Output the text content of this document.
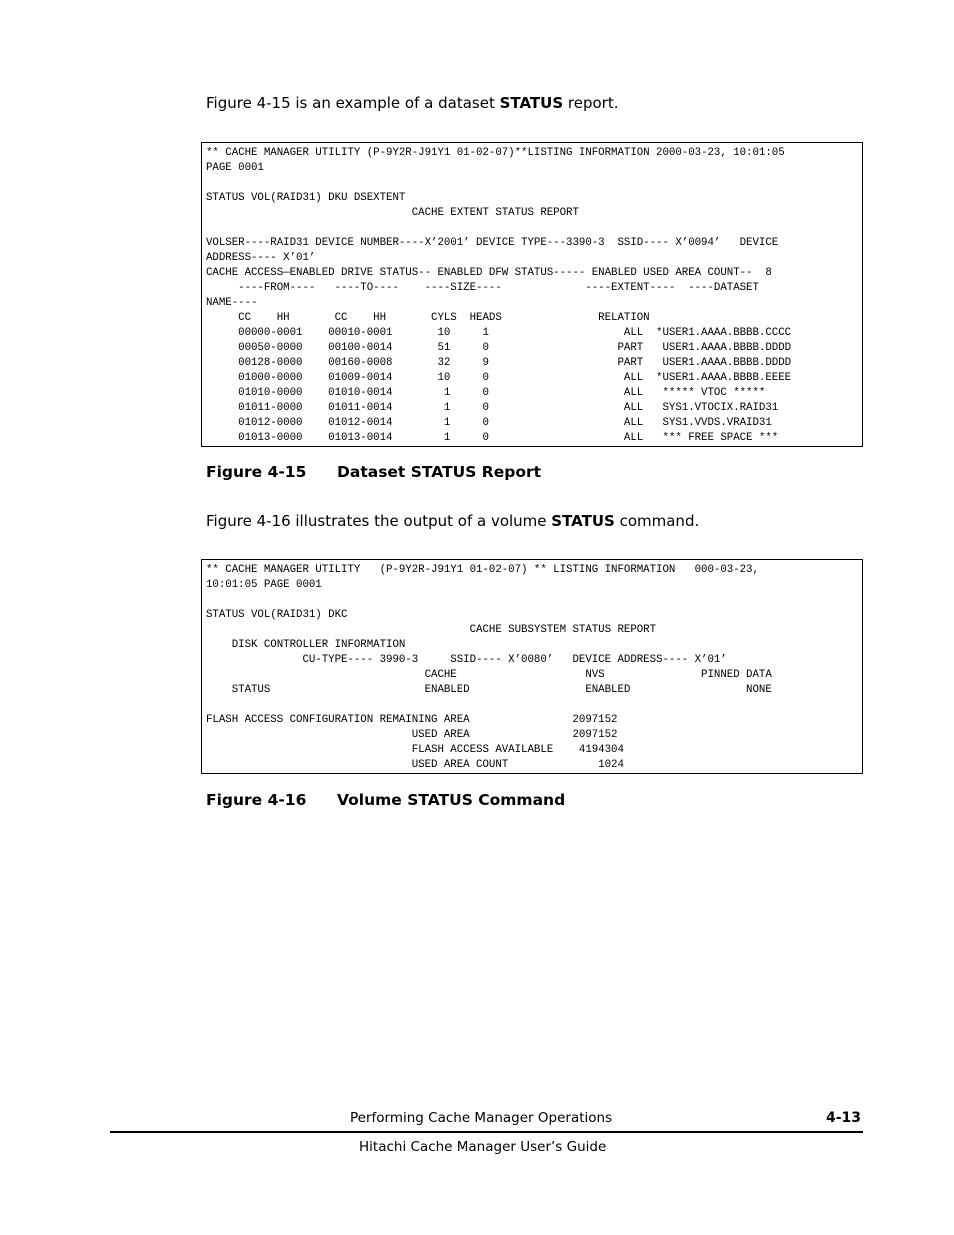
Figure 4-15 is an example of a dataset STATUS report.

** CACHE MANAGER UTILITY (P-9Y2R-J91Y1 01-02-07)**LISTING INFORMATION 2000-03-23, 10:01:05
PAGE 0001

STATUS VOL(RAID31) DKU DSEXTENT
CACHE EXTENT STATUS REPORT

VOLSER----RAID31 DEVICE NUMBER----X’2001’ DEVICE TYPE---3390-3  SSID---- X’0094’   DEVICE
ADDRESS---- X’01’
CACHE ACCESS—ENABLED DRIVE STATUS-- ENABLED DFW STATUS----- ENABLED USED AREA COUNT--  8
----FROM----   ----TO----    ----SIZE----             ----EXTENT----  ----DATASET
NAME----
CC    HH       CC    HH       CYLS  HEADS               RELATION
00000-0001    00010-0001       10     1                     ALL  *USER1.AAAA.BBBB.CCCC
00050-0000    00100-0014       51     0                    PART   USER1.AAAA.BBBB.DDDD
00128-0000    00160-0008       32     9                    PART   USER1.AAAA.BBBB.DDDD
01000-0000    01009-0014       10     0                     ALL  *USER1.AAAA.BBBB.EEEE
01010-0000    01010-0014        1     0                     ALL   ***** VTOC *****
01011-0000    01011-0014        1     0                     ALL   SYS1.VTOCIX.RAID31
01012-0000    01012-0014        1     0                     ALL   SYS1.VVDS.VRAID31
01013-0000    01013-0014        1     0                     ALL   *** FREE SPACE ***

Figure 4-15 Dataset STATUS Report

Figure 4-16 illustrates the output of a volume STATUS command.

** CACHE MANAGER UTILITY   (P-9Y2R-J91Y1 01-02-07) ** LISTING INFORMATION   000-03-23,
10:01:05 PAGE 0001

STATUS VOL(RAID31) DKC
CACHE SUBSYSTEM STATUS REPORT
DISK CONTROLLER INFORMATION
CU-TYPE---- 3990-3     SSID---- X’0080’   DEVICE ADDRESS---- X’01’
CACHE                    NVS               PINNED DATA
STATUS                        ENABLED                  ENABLED                  NONE

FLASH ACCESS CONFIGURATION REMAINING AREA                2097152
USED AREA                2097152
FLASH ACCESS AVAILABLE    4194304
USED AREA COUNT              1024

Figure 4-16 Volume STATUS Command

Performing Cache Manager Operations	4-13
Hitachi Cache Manager User’s Guide
